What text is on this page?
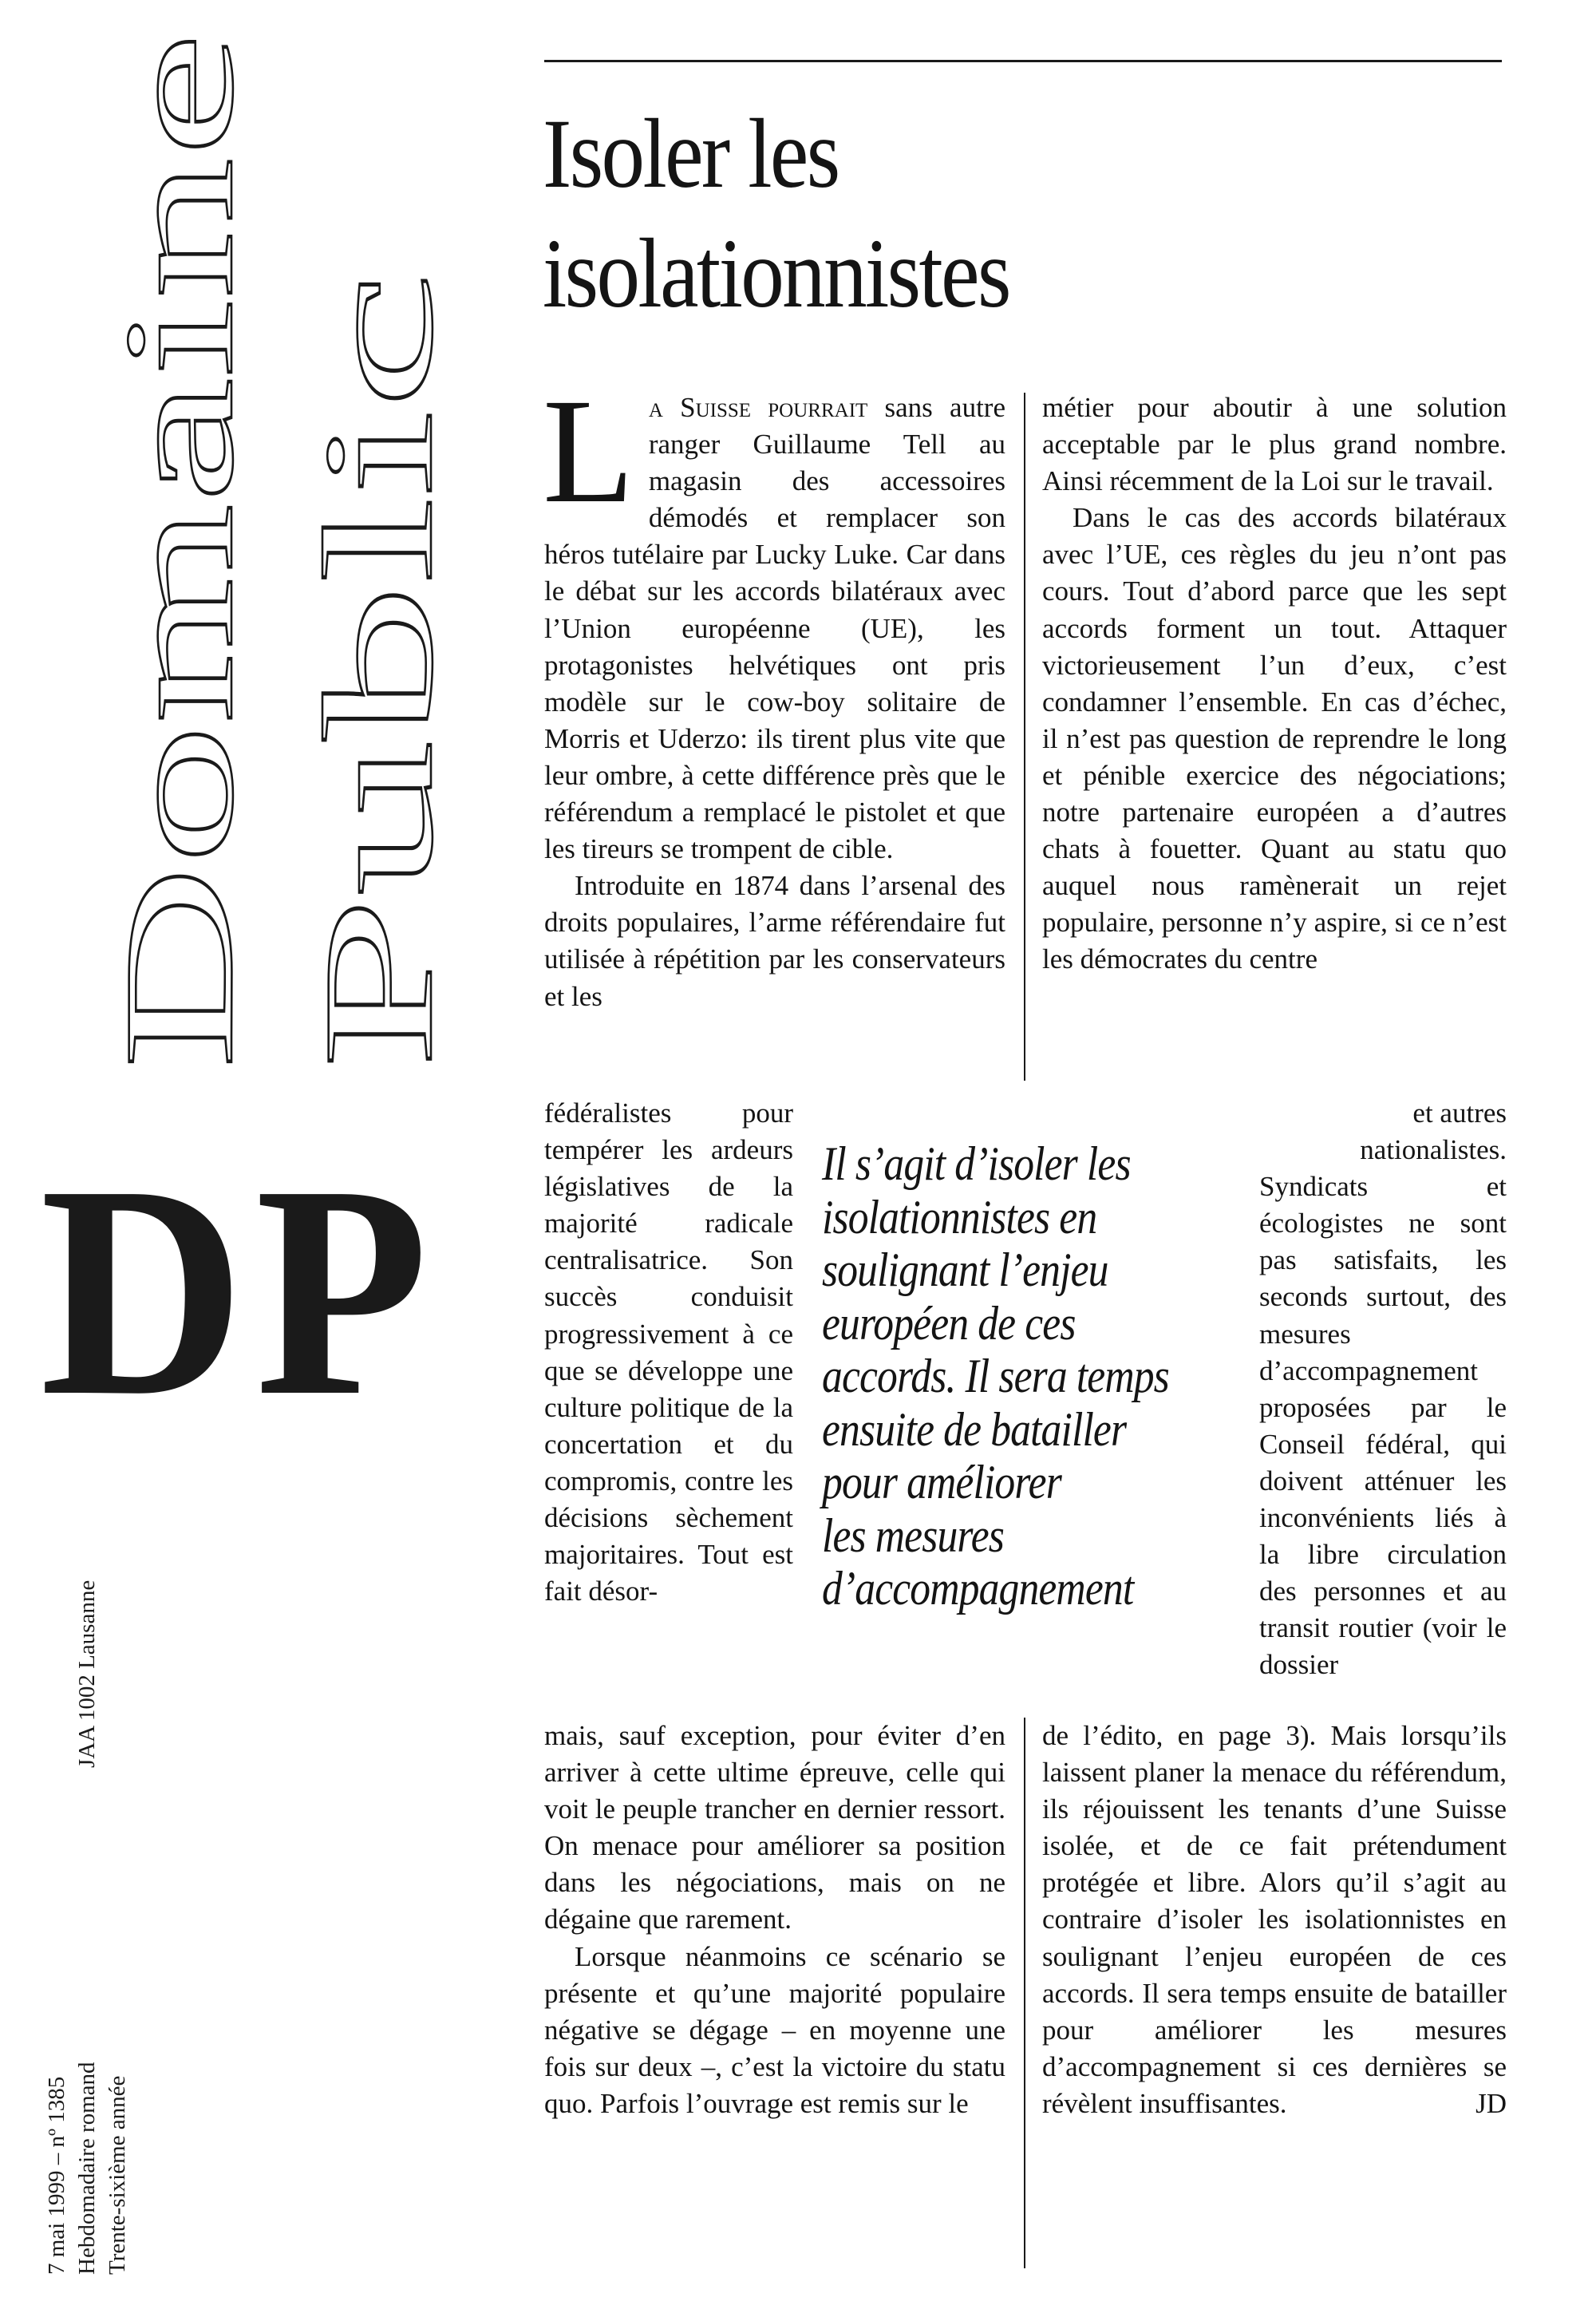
Domaine Public
DP
7 mai 1999 – nº 1385 Hebdomadaire romand Trente-sixième année
JAA 1002 Lausanne
Isoler les
isolationnistes

La Suisse pourrait sans autre ranger Guillaume Tell au magasin des accessoires démodés et remplacer son héros tutélaire par Lucky Luke. Car dans le débat sur les accords bilatéraux avec l’Union européenne (UE), les protagonistes helvétiques ont pris modèle sur le cow-boy solitaire de Morris et Uderzo: ils tirent plus vite que leur ombre, à cette différence près que le référendum a remplacé le pistolet et que les tireurs se trompent de cible.

Introduite en 1874 dans l’arsenal des droits populaires, l’arme référendaire fut utilisée à répétition par les conservateurs et les

fédéralistes pour tempérer les ardeurs législatives de la majorité radicale centralisatrice. Son succès conduisit progressivement à ce que se développe une culture politique de la concertation et du compromis, contre les décisions sèchement majoritaires. Tout est fait désor-

mais, sauf exception, pour éviter d’en arriver à cette ultime épreuve, celle qui voit le peuple trancher en dernier ressort. On menace pour améliorer sa position dans les négociations, mais on ne dégaine que rarement.

Lorsque néanmoins ce scénario se présente et qu’une majorité populaire négative se dégage – en moyenne une fois sur deux –, c’est la victoire du statu quo. Parfois l’ouvrage est remis sur le

métier pour aboutir à une solution acceptable par le plus grand nombre. Ainsi récemment de la Loi sur le travail.

Dans le cas des accords bilatéraux avec l’UE, ces règles du jeu n’ont pas cours. Tout d’abord parce que les sept accords forment un tout. Attaquer victorieusement l’un d’eux, c’est condamner l’ensemble. En cas d’échec, il n’est pas question de reprendre le long et pénible exercice des négociations; notre partenaire européen a d’autres chats à fouetter. Quant au statu quo auquel nous ramènerait un rejet populaire, personne n’y aspire, si ce n’est les démocrates du centre

et autres nationalistes.

Syndicats et écologistes ne sont pas satisfaits, les seconds surtout, des mesures d’accompagnement proposées par le Conseil fédéral, qui doivent atténuer les inconvénients liés à la libre circulation des personnes et au transit routier (voir le dossier

de l’édito, en page 3). Mais lorsqu’ils laissent planer la menace du référendum, ils réjouissent les tenants d’une Suisse isolée, et de ce fait prétendument protégée et libre. Alors qu’il s’agit au contraire d’isoler les isolationnistes en soulignant l’enjeu européen de ces accords. Il sera temps ensuite de batailler pour améliorer les mesures d’accompagnement si ces dernières se révèlent insuffisantes.	JD

Il s’agit d’isoler les
isolationnistes en
soulignant l’enjeu
européen de ces
accords. Il sera temps
ensuite de batailler
pour améliorer
les mesures
d’accompagnement
